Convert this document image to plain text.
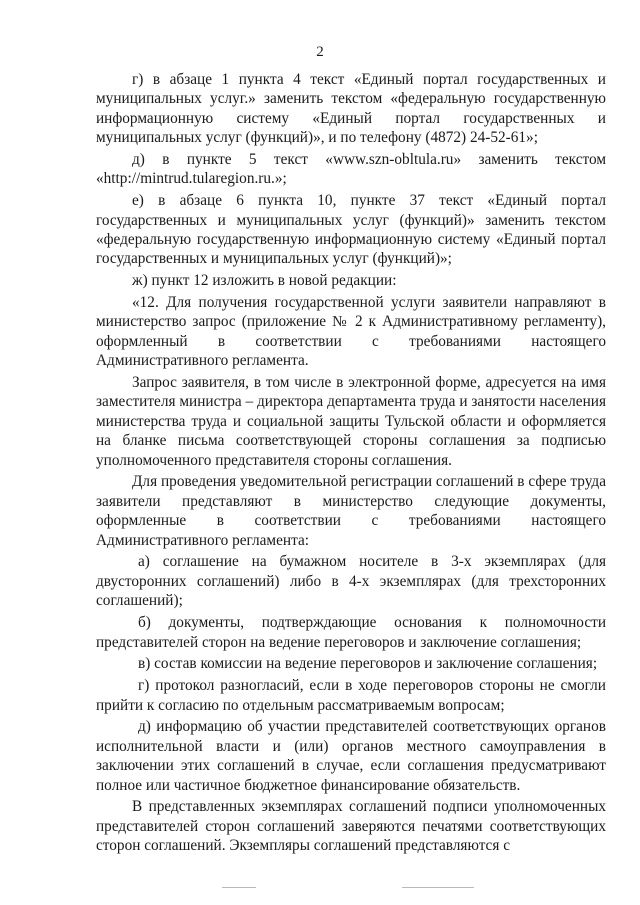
2

г) в абзаце 1 пункта 4 текст «Единый портал государственных и муниципальных услуг.» заменить текстом «федеральную государственную информационную систему «Единый портал государственных и муниципальных услуг (функций)», и по телефону (4872) 24-52-61»;

д) в пункте 5 текст «www.szn-obltula.ru» заменить текстом «http://mintrud.tularegion.ru.»;

е) в абзаце 6 пункта 10, пункте 37 текст «Единый портал государственных и муниципальных услуг (функций)» заменить текстом «федеральную государственную информационную систему «Единый портал государственных и муниципальных услуг (функций)»;

ж) пункт 12 изложить в новой редакции:

«12. Для получения государственной услуги заявители направляют в министерство запрос (приложение № 2 к Административному регламенту), оформленный в соответствии с требованиями настоящего Административного регламента.

Запрос заявителя, в том числе в электронной форме, адресуется на имя заместителя министра – директора департамента труда и занятости населения министерства труда и социальной защиты Тульской области и оформляется на бланке письма соответствующей стороны соглашения за подписью уполномоченного представителя стороны соглашения.

Для проведения уведомительной регистрации соглашений в сфере труда заявители представляют в министерство следующие документы, оформленные в соответствии с требованиями настоящего Административного регламента:

а) соглашение на бумажном носителе в 3-х экземплярах (для двусторонних соглашений) либо в 4-х экземплярах (для трехсторонних соглашений);

б) документы, подтверждающие основания к полномочности представителей сторон на ведение переговоров и заключение соглашения;

в) состав комиссии на ведение переговоров и заключение соглашения;

г) протокол разногласий, если в ходе переговоров стороны не смогли прийти к согласию по отдельным рассматриваемым вопросам;

д) информацию об участии представителей соответствующих органов исполнительной власти и (или) органов местного самоуправления в заключении этих соглашений в случае, если соглашения предусматривают полное или частичное бюджетное финансирование обязательств.

В представленных экземплярах соглашений подписи уполномоченных представителей сторон соглашений заверяются печатями соответствующих сторон соглашений. Экземпляры соглашений представляются с
